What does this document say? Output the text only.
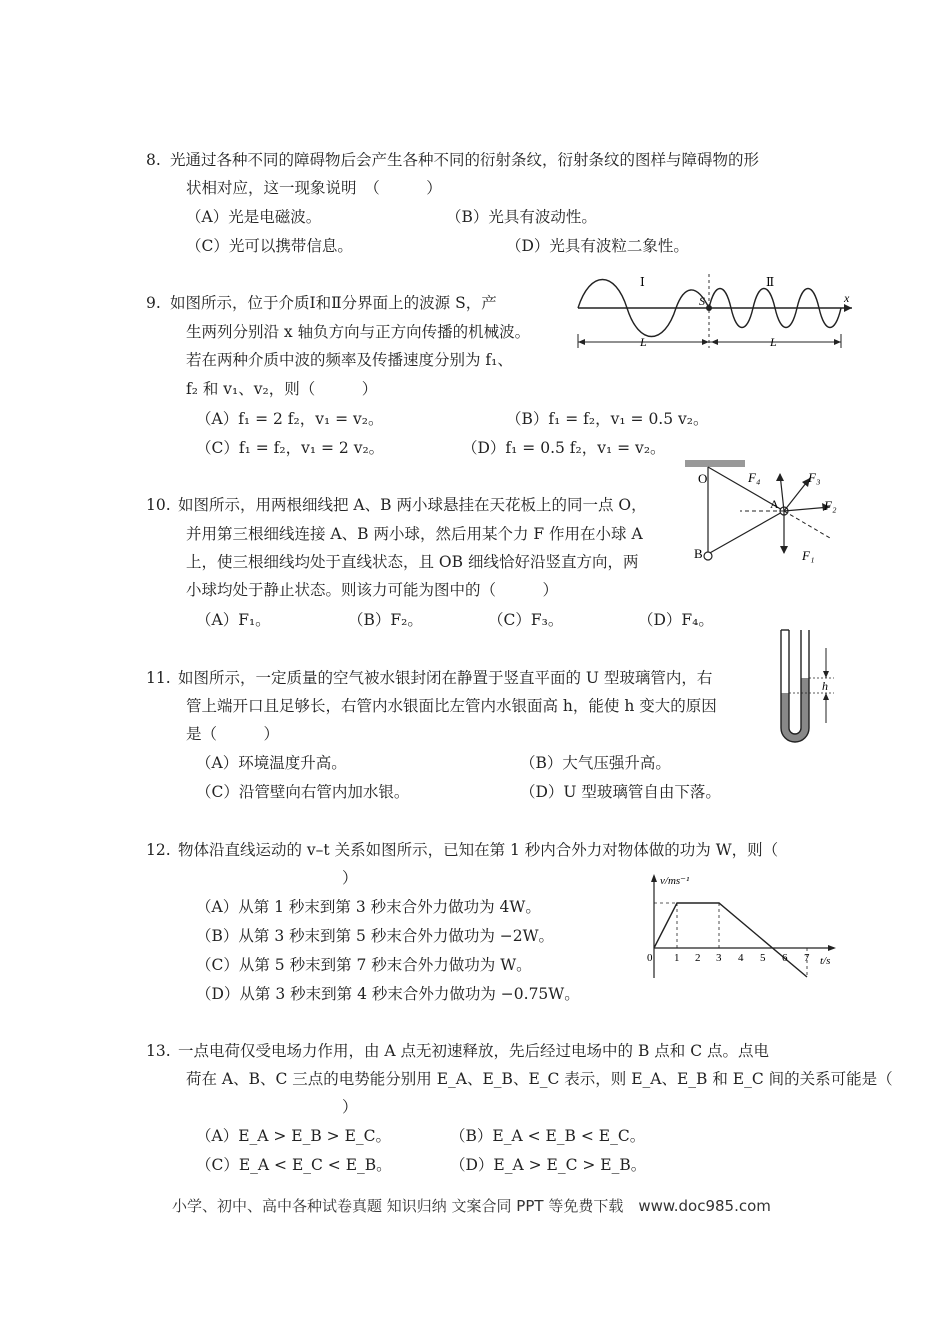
8. 光通过各种不同的障碍物后会产生各种不同的衍射条纹，衍射条纹的图样与障碍物的形
状相对应，这一现象说明　（　　　）
（A）光是电磁波。	（B）光具有波动性。
（C）光可以携带信息。	（D）光具有波粒二象性。
9. 如图所示，位于介质Ⅰ和Ⅱ分界面上的波源 S，产
生两列分别沿 x 轴负方向与正方向传播的机械波。
若在两种介质中波的频率及传播速度分别为 f₁、
f₂ 和 v₁、v₂，则（　　　）
（A）f₁ = 2 f₂，v₁ = v₂。	（B）f₁ = f₂，v₁ = 0.5 v₂。
（C）f₁ = f₂，v₁ = 2 v₂。	（D）f₁ = 0.5 f₂，v₁ = v₂。
Ⅰ	Ⅱ
S	x
L	L
10. 如图所示，用两根细线把 A、B 两小球悬挂在天花板上的同一点 O，
并用第三根细线连接 A、B 两小球，然后用某个力 F 作用在小球 A
上，使三根细线均处于直线状态，且 OB 细线恰好沿竖直方向，两
小球均处于静止状态。则该力可能为图中的（　　　）
（A）F₁。	（B）F₂。	（C）F₃。	（D）F₄。
O
A
B	F₁
F₂
F₃
F₄
11. 如图所示，一定质量的空气被水银封闭在静置于竖直平面的 U 型玻璃管内，右
管上端开口且足够长，右管内水银面比左管内水银面高 h，能使 h 变大的原因
是（　　　）
（A）环境温度升高。	（B）大气压强升高。
（C）沿管壁向右管内加水银。	（D）U 型玻璃管自由下落。
h
12. 物体沿直线运动的 v–t 关系如图所示，已知在第 1 秒内合外力对物体做的功为 W，则（
）
（A）从第 1 秒末到第 3 秒末合外力做功为 4W。
（B）从第 3 秒末到第 5 秒末合外力做功为 −2W。
（C）从第 5 秒末到第 7 秒末合外力做功为 W。
（D）从第 3 秒末到第 4 秒末合外力做功为 −0.75W。
v/ms⁻¹
t/s
0 1 2 3 4 5 6 7
13. 一点电荷仅受电场力作用，由 A 点无初速释放，先后经过电场中的 B 点和 C 点。点电
荷在 A、B、C 三点的电势能分别用 E_A、E_B、E_C 表示，则 E_A、E_B 和 E_C 间的关系可能是（
）
（A）E_A > E_B > E_C。	（B）E_A < E_B < E_C。
（C）E_A < E_C < E_B。	（D）E_A > E_C > E_B。
小学、初中、高中各种试卷真题 知识归纳 文案合同 PPT 等免费下载　www.doc985.com
